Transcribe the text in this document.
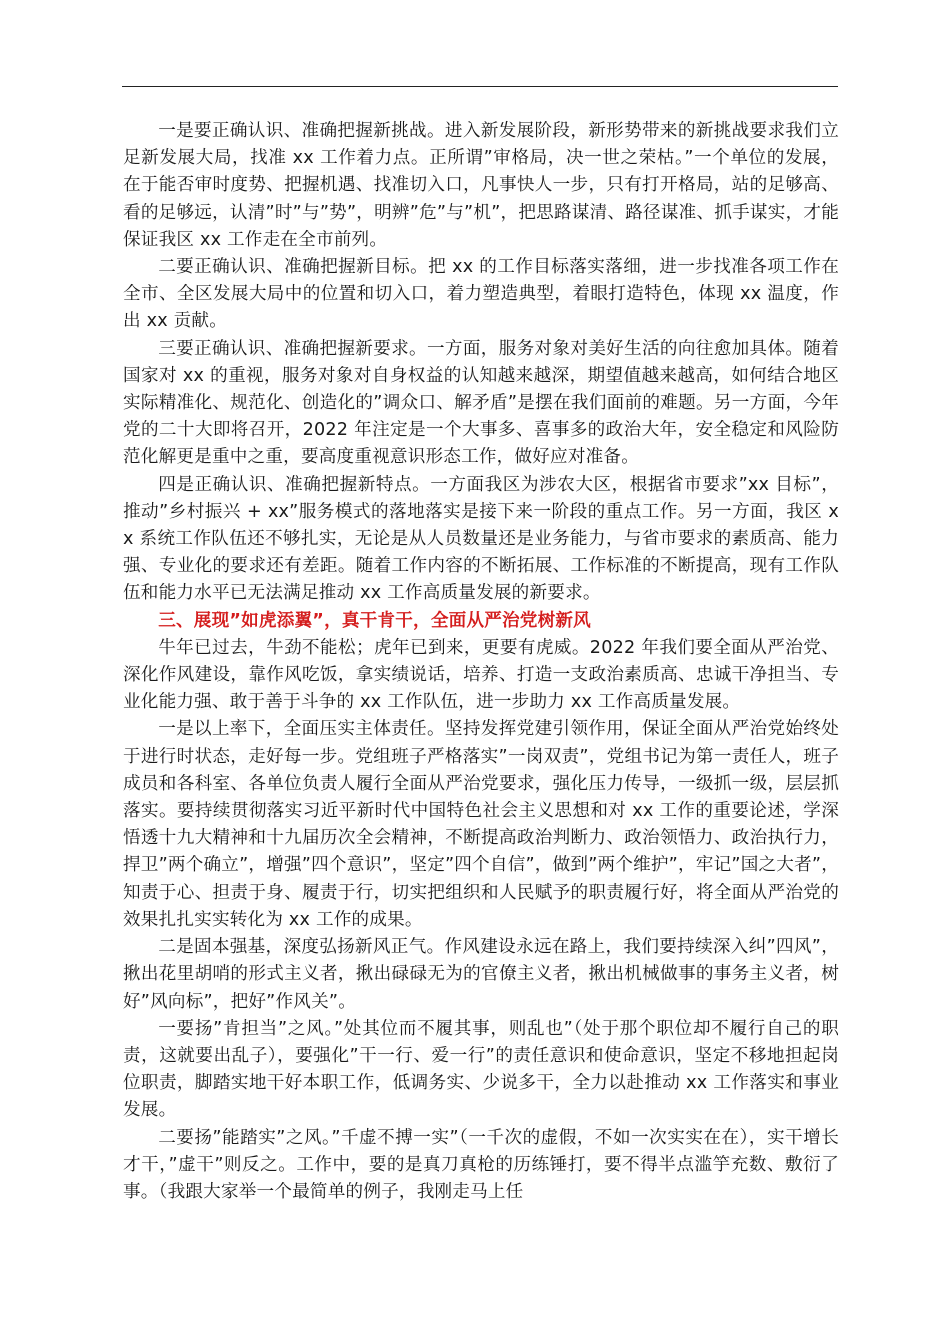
一是要正确认识、准确把握新挑战。进入新发展阶段，新形势带来的新挑战要求我们立足新发展大局，找准 xx 工作着力点。正所谓”审格局，决一世之荣枯。”一个单位的发展，在于能否审时度势、把握机遇、找准切入口，凡事快人一步，只有打开格局，站的足够高、看的足够远，认清”时”与”势”，明辨”危”与”机”，把思路谋清、路径谋准、抓手谋实，才能保证我区 xx 工作走在全市前列。

二要正确认识、准确把握新目标。把 xx 的工作目标落实落细，进一步找准各项工作在全市、全区发展大局中的位置和切入口，着力塑造典型，着眼打造特色，体现 xx 温度，作出 xx 贡献。

三要正确认识、准确把握新要求。一方面，服务对象对美好生活的向往愈加具体。随着国家对 xx 的重视，服务对象对自身权益的认知越来越深，期望值越来越高，如何结合地区实际精准化、规范化、创造化的”调众口、解矛盾”是摆在我们面前的难题。另一方面，今年党的二十大即将召开，2022 年注定是一个大事多、喜事多的政治大年，安全稳定和风险防范化解更是重中之重，要高度重视意识形态工作，做好应对准备。

四是正确认识、准确把握新特点。一方面我区为涉农大区，根据省市要求”xx 目标”，推动”乡村振兴 + xx”服务模式的落地落实是接下来一阶段的重点工作。另一方面，我区 xx 系统工作队伍还不够扎实，无论是从人员数量还是业务能力，与省市要求的素质高、能力强、专业化的要求还有差距。随着工作内容的不断拓展、工作标准的不断提高，现有工作队伍和能力水平已无法满足推动 xx 工作高质量发展的新要求。

三、展现”如虎添翼”，真干肯干，全面从严治党树新风

牛年已过去，牛劲不能松；虎年已到来，更要有虎威。2022 年我们要全面从严治党、深化作风建设，靠作风吃饭，拿实绩说话，培养、打造一支政治素质高、忠诚干净担当、专业化能力强、敢于善于斗争的 xx 工作队伍，进一步助力 xx 工作高质量发展。

一是以上率下，全面压实主体责任。坚持发挥党建引领作用，保证全面从严治党始终处于进行时状态，走好每一步。党组班子严格落实”一岗双责”，党组书记为第一责任人，班子成员和各科室、各单位负责人履行全面从严治党要求，强化压力传导，一级抓一级，层层抓落实。要持续贯彻落实习近平新时代中国特色社会主义思想和对 xx 工作的重要论述，学深悟透十九大精神和十九届历次全会精神，不断提高政治判断力、政治领悟力、政治执行力，捍卫”两个确立”，增强”四个意识”，坚定”四个自信”，做到”两个维护”，牢记”国之大者”，知责于心、担责于身、履责于行，切实把组织和人民赋予的职责履行好，将全面从严治党的效果扎扎实实转化为 xx 工作的成果。

二是固本强基，深度弘扬新风正气。作风建设永远在路上，我们要持续深入纠”四风”，揪出花里胡哨的形式主义者，揪出碌碌无为的官僚主义者，揪出机械做事的事务主义者，树好”风向标”，把好”作风关”。

一要扬”肯担当”之风。”处其位而不履其事，则乱也”（处于那个职位却不履行自己的职责，这就要出乱子），要强化”干一行、爱一行”的责任意识和使命意识，坚定不移地担起岗位职责，脚踏实地干好本职工作，低调务实、少说多干，全力以赴推动 xx 工作落实和事业发展。

二要扬”能踏实”之风。”千虚不搏一实”（一千次的虚假，不如一次实实在在），实干增长才干，”虚干”则反之。工作中，要的是真刀真枪的历练锤打，要不得半点滥竽充数、敷衍了事。（我跟大家举一个最简单的例子，我刚走马上任
